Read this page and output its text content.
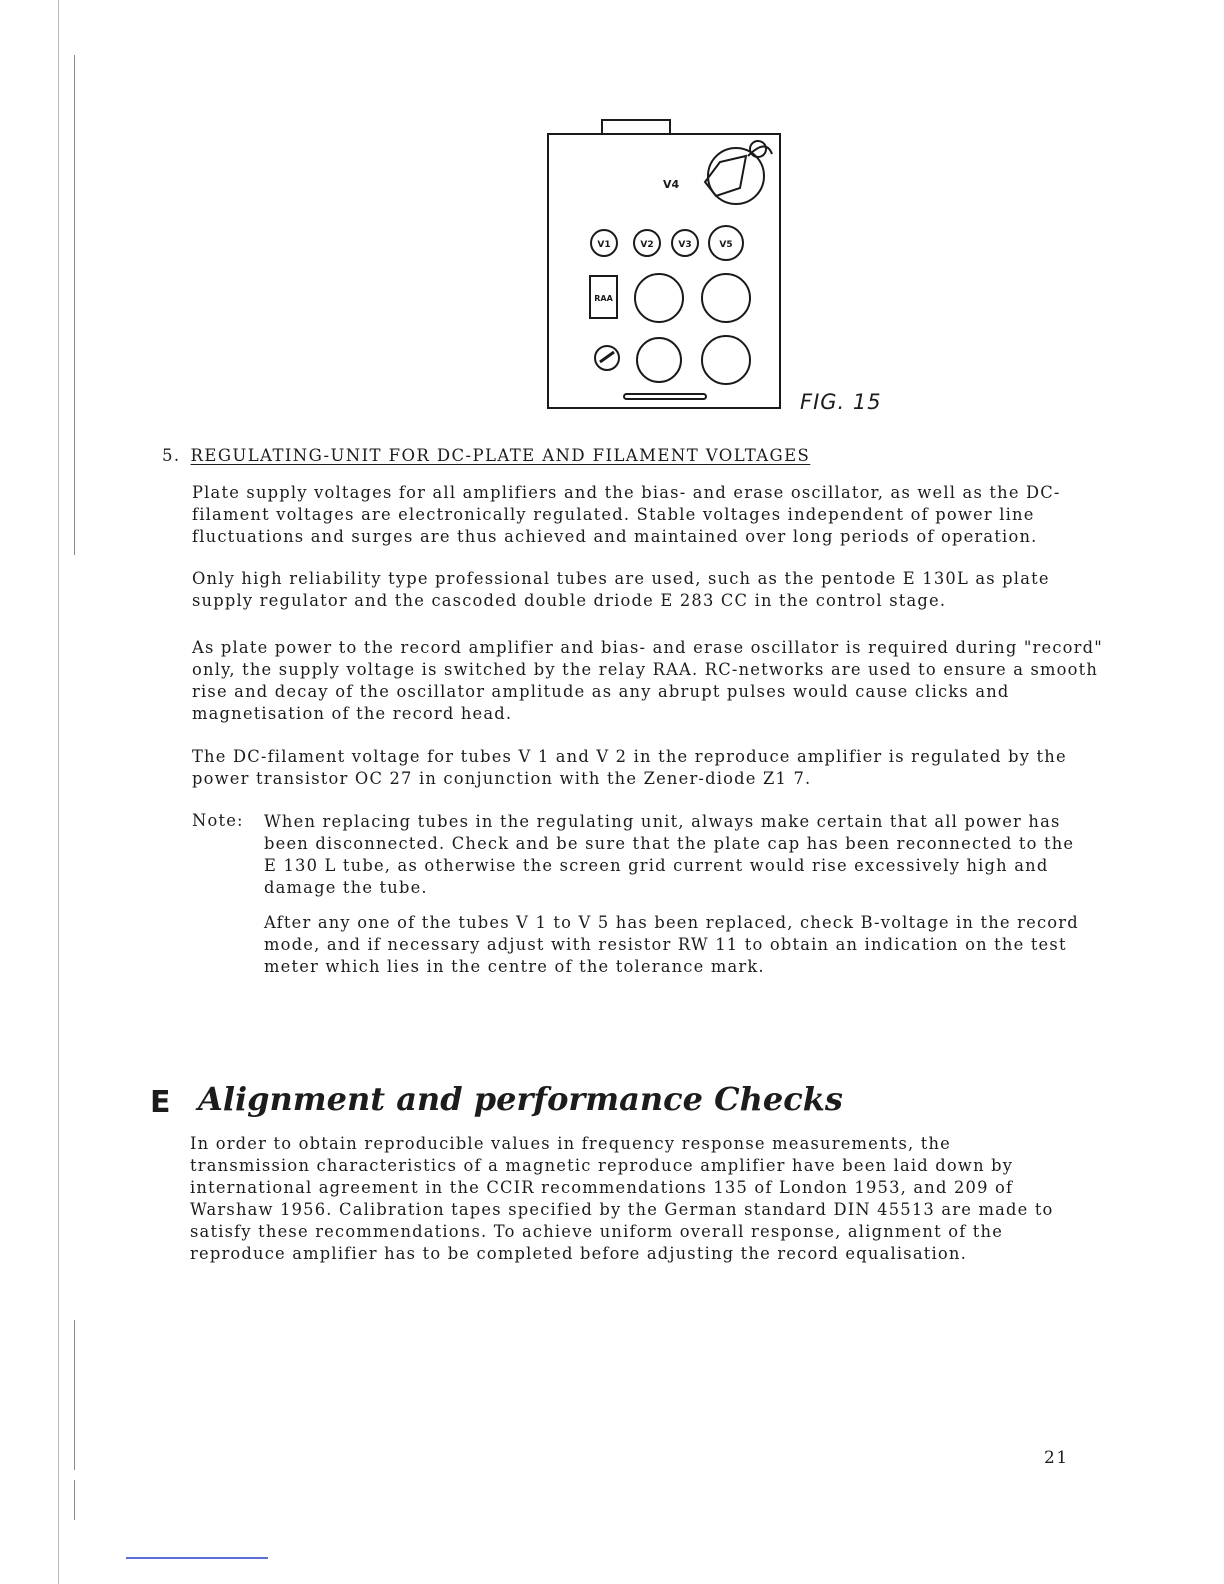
V4
V1	V2	V3	V5
RAA
FIG. 15
5. REGULATING-UNIT FOR DC-PLATE AND FILAMENT VOLTAGES

Plate supply voltages for all amplifiers and the bias- and erase oscillator, as well as the DC-filament voltages are electronically regulated. Stable voltages independent of power line fluctuations and surges are thus achieved and maintained over long periods of operation.

Only high reliability type professional tubes are used, such as the pentode E 130L as plate supply regulator and the cascoded double driode E 283 CC in the control stage.

As plate power to the record amplifier and bias- and erase oscillator is required during "record" only, the supply voltage is switched by the relay RAA. RC-networks are used to ensure a smooth rise and decay of the oscillator amplitude as any abrupt pulses would cause clicks and magnetisation of the record head.

The DC-filament voltage for tubes V 1 and V 2 in the reproduce amplifier is regulated by the power transistor OC 27 in conjunction with the Zener-diode Z1 7.

Note: When replacing tubes in the regulating unit, always make certain that all power has been disconnected. Check and be sure that the plate cap has been reconnected to the E 130 L tube, as otherwise the screen grid current would rise excessively high and damage the tube.

After any one of the tubes V 1 to V 5 has been replaced, check B-voltage in the record mode, and if necessary adjust with resistor RW 11 to obtain an indication on the test meter which lies in the centre of the tolerance mark.

E Alignment and performance Checks

In order to obtain reproducible values in frequency response measurements, the transmission characteristics of a magnetic reproduce amplifier have been laid down by international agreement in the CCIR recommendations 135 of London 1953, and 209 of Warshaw 1956. Calibration tapes specified by the German standard DIN 45513 are made to satisfy these recommendations. To achieve uniform overall response, alignment of the reproduce amplifier has to be completed before adjusting the record equalisation.

21
